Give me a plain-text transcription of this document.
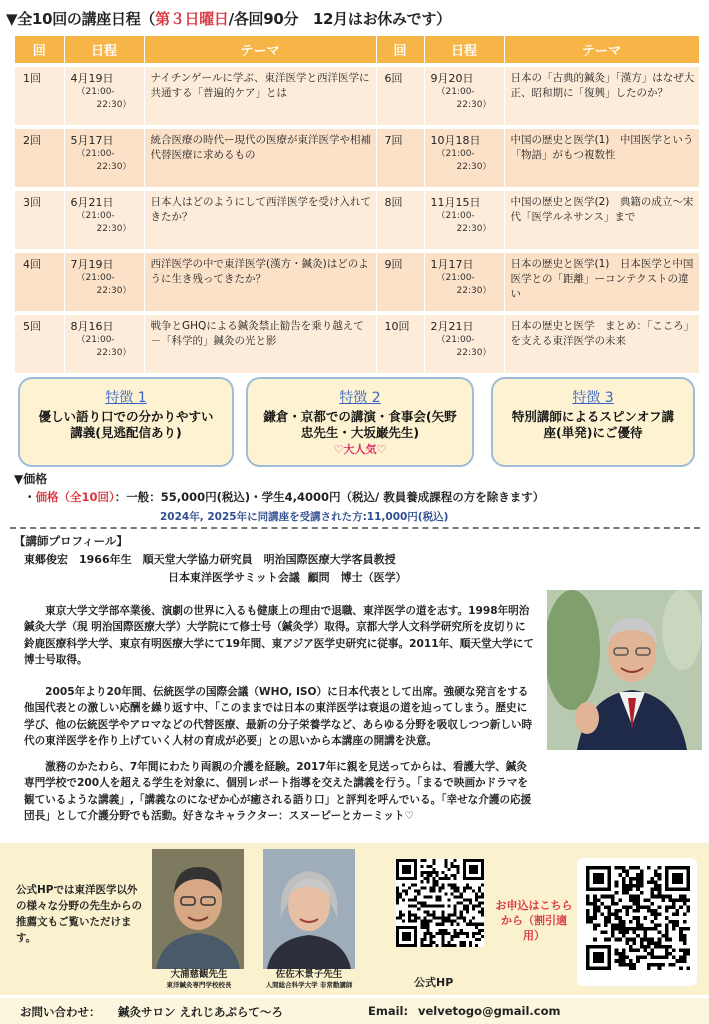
▼全10回の講座日程（第３日曜日/各回90分　12月はお休みです）
回	日程	テーマ	回	日程	テーマ
1回	4月19日
（21:00-
22:30）	ナイチンゲールに学ぶ、東洋医学と西洋医学に共通する「普遍的ケア」とは	6回	9月20日
（21:00-
22:30）	日本の「古典的鍼灸」「漢方」はなぜ大正、昭和期に「復興」したのか？
2回	5月17日
（21:00-
22:30）	統合医療の時代ー現代の医療が東洋医学や相補代替医療に求めるもの	7回	10月18日
（21:00-
22:30）	中国の歴史と医学(1)　中国医学という「物語」がもつ複数性
3回	6月21日
（21:00-
22:30）	日本人はどのようにして西洋医学を受け入れてきたか？	8回	11月15日
（21:00-
22:30）	中国の歴史と医学(2)　典籍の成立～宋代「医学ルネサンス」まで
4回	7月19日
（21:00-
22:30）	西洋医学の中で東洋医学(漢方・鍼灸)はどのように生き残ってきたか？	9回	1月17日
（21:00-
22:30）	日本の歴史と医学(1)　日本医学と中国医学との「距離」ーコンテクストの違い
5回	8月16日
（21:00-
22:30）	戦争とGHQによる鍼灸禁止勧告を乗り越えて－「科学的」鍼灸の光と影	10回	2月21日
（21:00-
22:30）	日本の歴史と医学　まとめ：「こころ」を支える東洋医学の未来
特徴 1
優しい語り口での分かりやすい講義(見逃配信あり)
特徴 2
鎌倉・京都での講演・食事会(矢野忠先生・大坂巌先生)
♡大人気♡
特徴 3
特別講師によるスピンオフ講座(単発)にご優待
▼価格
・価格（全10回）：一般：55,000円(税込)・学生4,4000円（税込/ 教員養成課程の方を除きます）
2024年, 2025年に同講座を受講された方:11,000円(税込)
【講師プロフィール】
東郷俊宏　1966年生　順天堂大学協力研究員　明治国際医療大学客員教授
日本東洋医学サミット会議 顧問　博士（医学）
　　東京大学文学部卒業後、演劇の世界に入るも健康上の理由で退職、東洋医学の道を志す。1998年明治鍼灸大学（現 明治国際医療大学）大学院にて修士号（鍼灸学）取得。京都大学人文科学研究所を皮切りに鈴鹿医療科学大学、東京有明医療大学にて19年間、東アジア医学史研究に従事。2011年、順天堂大学にて博士号取得。
　　2005年より20年間、伝統医学の国際会議（WHO, ISO）に日本代表として出席。強硬な発言をする他国代表との激しい応酬を繰り返す中、「このままでは日本の東洋医学は衰退の道を辿ってしまう。歴史に学び、他の伝統医学やアロマなどの代替医療、最新の分子栄養学など、あらゆる分野を吸収しつつ新しい時代の東洋医学を作り上げていく人材の育成が必要」との思いから本講座の開講を決意。
　　激務のかたわら、7年間にわたり両親の介護を経験。2017年に親を見送ってからは、看護大学、鍼灸専門学校で200人を超える学生を対象に、個別レポート指導を交えた講義を行う。「まるで映画かドラマを観ているような講義」,「講義なのになぜか心が癒される語り口」と評判を呼んでいる。「幸せな介護の応援団長」として介護分野でも活動。好きなキャラクター：スヌーピーとカーミット♡
公式HPでは東洋医学以外の様々な分野の先生からの推薦文もご覧いただけます。
大浦慈観先生
東洋鍼灸専門学校校長
佐佐木景子先生
人間総合科学大学 非常勤講師	公式HP
お申込はこちらから（割引適用）
お問い合わせ： 鍼灸サロン えれじあぷらて～ろ	Email: velvetogo@gmail.com
